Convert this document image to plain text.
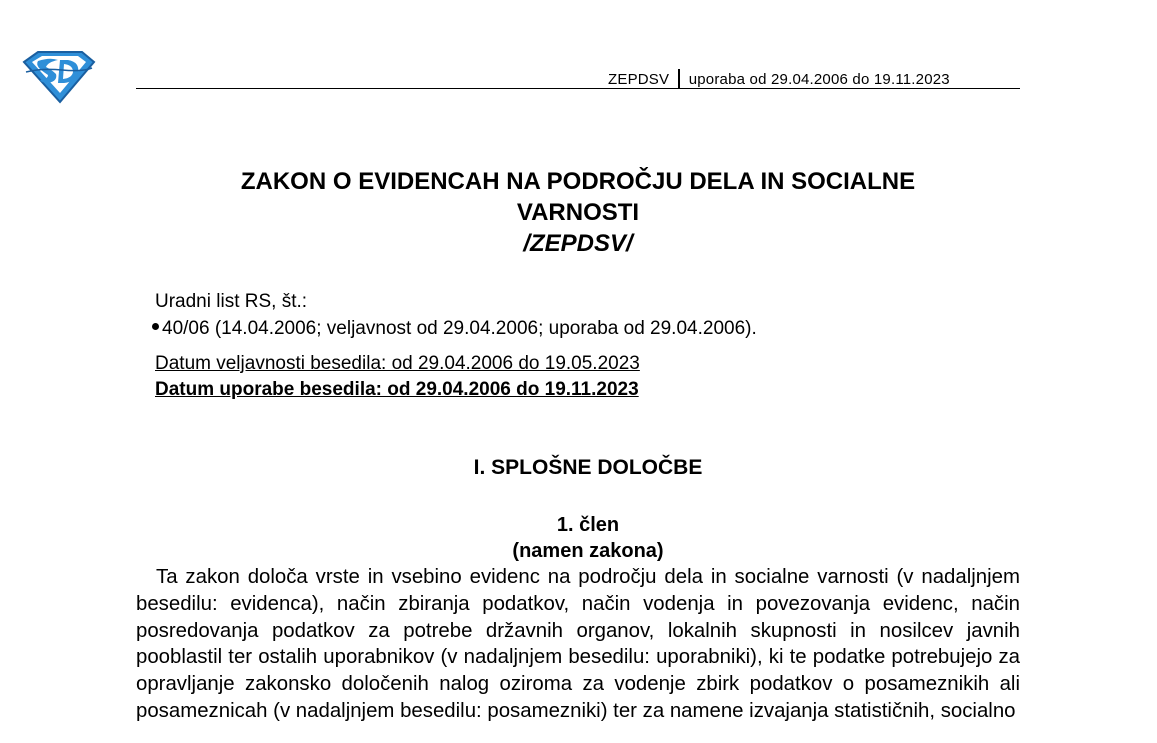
ZEPDSV uporaba od 29.04.2006 do 19.11.2023
ZAKON O EVIDENCAH NA PODROČJU DELA IN SOCIALNE
VARNOSTI
/ZEPDSV/
Uradni list RS, št.:
40/06 (14.04.2006; veljavnost od 29.04.2006; uporaba od 29.04.2006).
Datum veljavnosti besedila: od 29.04.2006 do 19.05.2023
Datum uporabe besedila: od 29.04.2006 do 19.11.2023
I. SPLOŠNE DOLOČBE
1. člen
(namen zakona)

Ta zakon določa vrste in vsebino evidenc na področju dela in socialne varnosti (v nadaljnjem besedilu: evidenca), način zbiranja podatkov, način vodenja in povezovanja evidenc, način posredovanja podatkov za potrebe državnih organov, lokalnih skupnosti in nosilcev javnih pooblastil ter ostalih uporabnikov (v nadaljnjem besedilu: uporabniki), ki te podatke potrebujejo za opravljanje zakonsko določenih nalog oziroma za vodenje zbirk podatkov o posameznikih ali posameznicah (v nadaljnjem besedilu: posamezniki) ter za namene izvajanja statističnih, socialno
